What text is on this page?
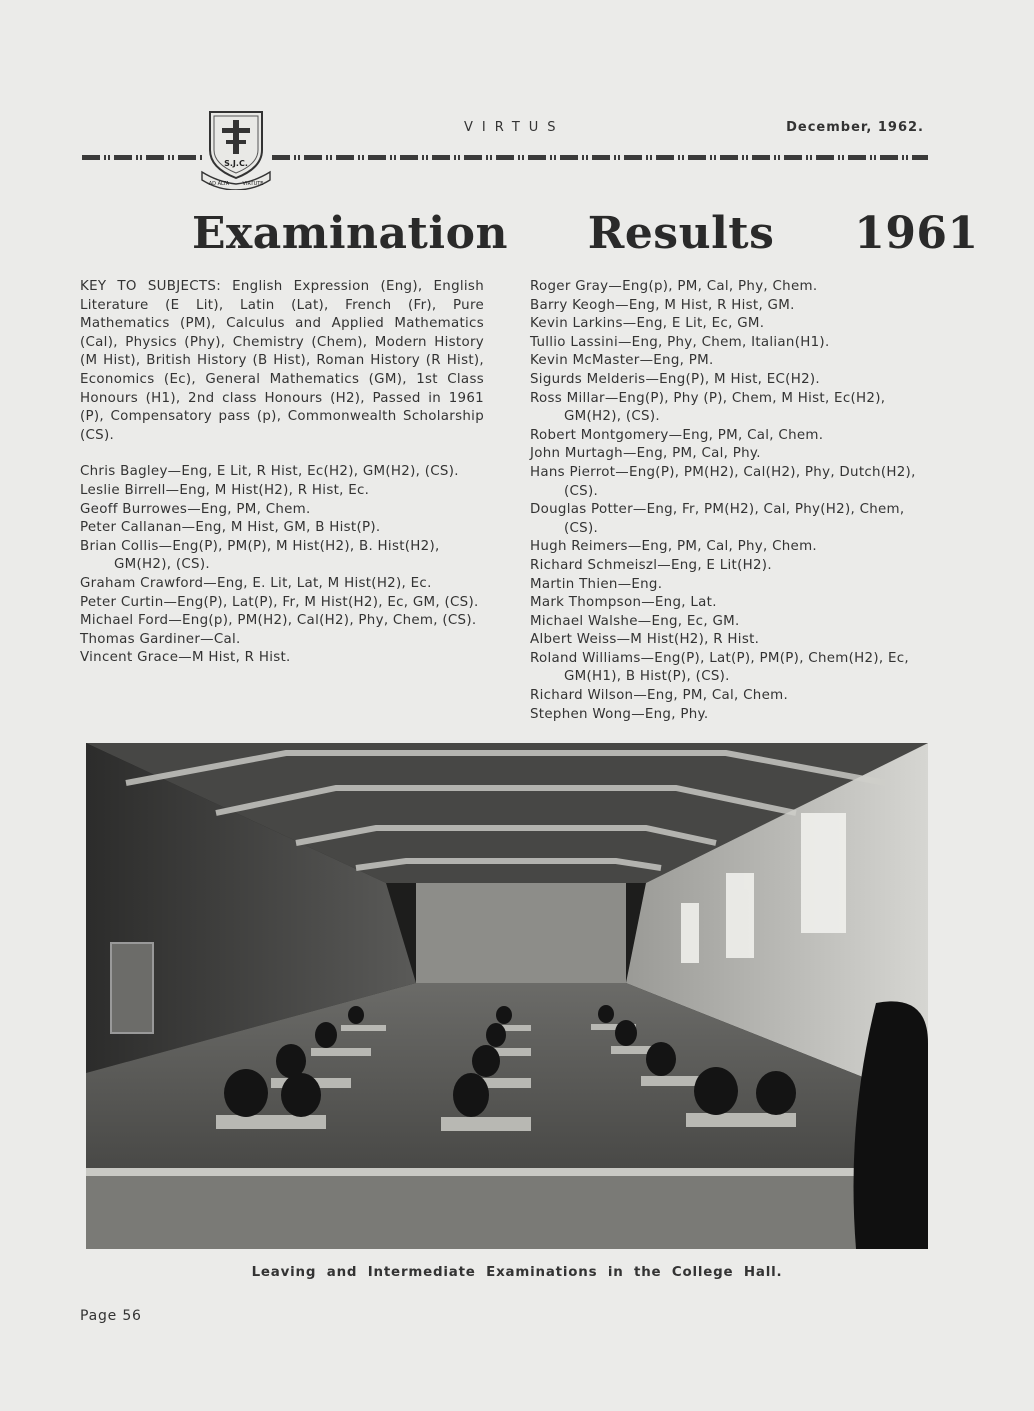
S.J.C.
AD ALTA	VIRTUTE
VIRTUS	December, 1962.
Examination Results 1961

KEY TO SUBJECTS: English Expression (Eng), English Literature (E Lit), Latin (Lat), French (Fr), Pure Mathematics (PM), Calculus and Applied Mathematics (Cal), Physics (Phy), Chemistry (Chem), Modern History (M Hist), British History (B Hist), Roman History (R Hist), Economics (Ec), General Mathematics (GM), 1st Class Honours (H1), 2nd class Honours (H2), Passed in 1961 (P), Compensatory pass (p), Commonwealth Scholarship (CS).

Chris Bagley—Eng, E Lit, R Hist, Ec(H2), GM(H2), (CS).

Leslie Birrell—Eng, M Hist(H2), R Hist, Ec.

Geoff Burrowes—Eng, PM, Chem.

Peter Callanan—Eng, M Hist, GM, B Hist(P).

Brian Collis—Eng(P), PM(P), M Hist(H2), B. Hist(H2), GM(H2), (CS).

Graham Crawford—Eng, E. Lit, Lat, M Hist(H2), Ec.

Peter Curtin—Eng(P), Lat(P), Fr, M Hist(H2), Ec, GM, (CS).

Michael Ford—Eng(p), PM(H2), Cal(H2), Phy, Chem, (CS).

Thomas Gardiner—Cal.

Vincent Grace—M Hist, R Hist.

Roger Gray—Eng(p), PM, Cal, Phy, Chem.

Barry Keogh—Eng, M Hist, R Hist, GM.

Kevin Larkins—Eng, E Lit, Ec, GM.

Tullio Lassini—Eng, Phy, Chem, Italian(H1).

Kevin McMaster—Eng, PM.

Sigurds Melderis—Eng(P), M Hist, EC(H2).

Ross Millar—Eng(P), Phy (P), Chem, M Hist, Ec(H2), GM(H2), (CS).

Robert Montgomery—Eng, PM, Cal, Chem.

John Murtagh—Eng, PM, Cal, Phy.

Hans Pierrot—Eng(P), PM(H2), Cal(H2), Phy, Dutch(H2), (CS).

Douglas Potter—Eng, Fr, PM(H2), Cal, Phy(H2), Chem, (CS).

Hugh Reimers—Eng, PM, Cal, Phy, Chem.

Richard Schmeiszl—Eng, E Lit(H2).

Martin Thien—Eng.

Mark Thompson—Eng, Lat.

Michael Walshe—Eng, Ec, GM.

Albert Weiss—M Hist(H2), R Hist.

Roland Williams—Eng(P), Lat(P), PM(P), Chem(H2), Ec, GM(H1), B Hist(P), (CS).

Richard Wilson—Eng, PM, Cal, Chem.

Stephen Wong—Eng, Phy.

Leaving and Intermediate Examinations in the College Hall.
Page 56
